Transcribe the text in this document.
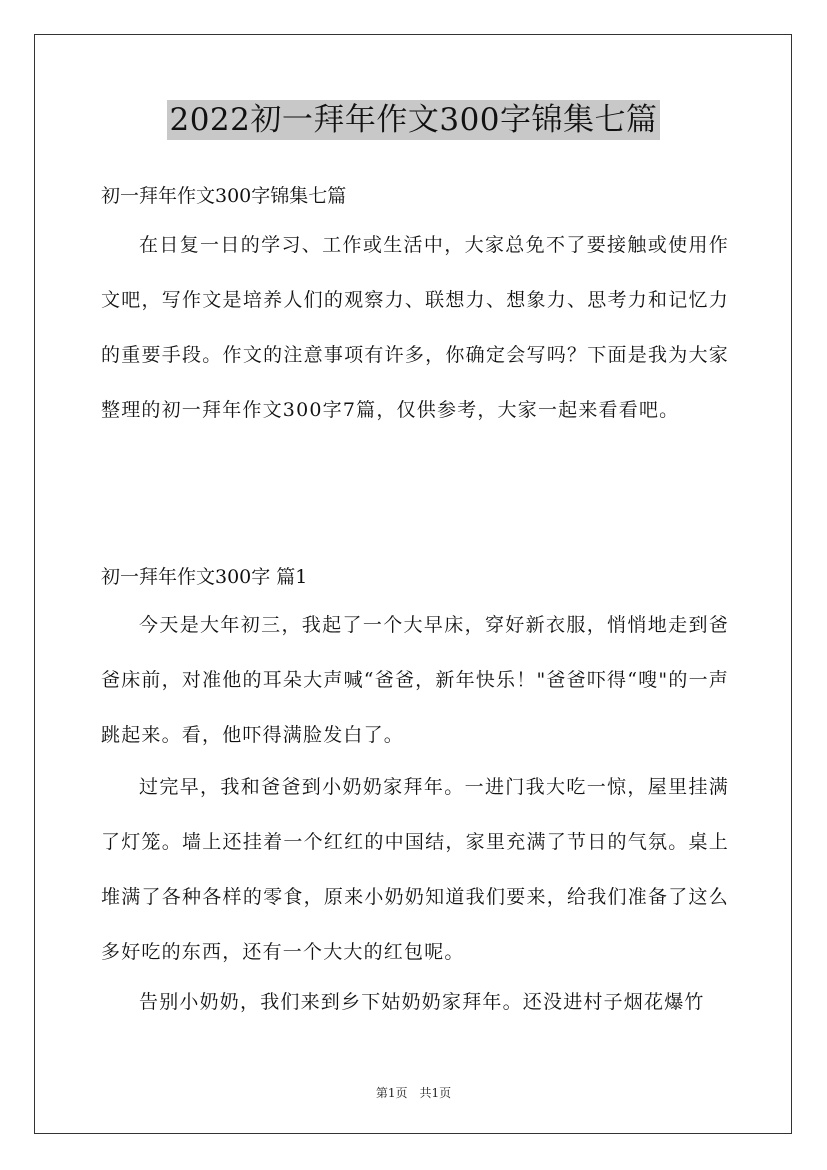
2022初一拜年作文300字锦集七篇
初一拜年作文300字锦集七篇
在日复一日的学习、工作或生活中，大家总免不了要接触或使用作文吧，写作文是培养人们的观察力、联想力、想象力、思考力和记忆力的重要手段。作文的注意事项有许多，你确定会写吗？下面是我为大家整理的初一拜年作文300字7篇，仅供参考，大家一起来看看吧。
初一拜年作文300字 篇1
今天是大年初三，我起了一个大早床，穿好新衣服，悄悄地走到爸爸床前，对准他的耳朵大声喊“爸爸，新年快乐！"爸爸吓得“嗖"的一声跳起来。看，他吓得满脸发白了。
过完早，我和爸爸到小奶奶家拜年。一进门我大吃一惊，屋里挂满了灯笼。墙上还挂着一个红红的中国结，家里充满了节日的气氛。桌上堆满了各种各样的零食，原来小奶奶知道我们要来，给我们准备了这么多好吃的东西，还有一个大大的红包呢。
告别小奶奶，我们来到乡下姑奶奶家拜年。还没进村子烟花爆竹
第1页　共1页
